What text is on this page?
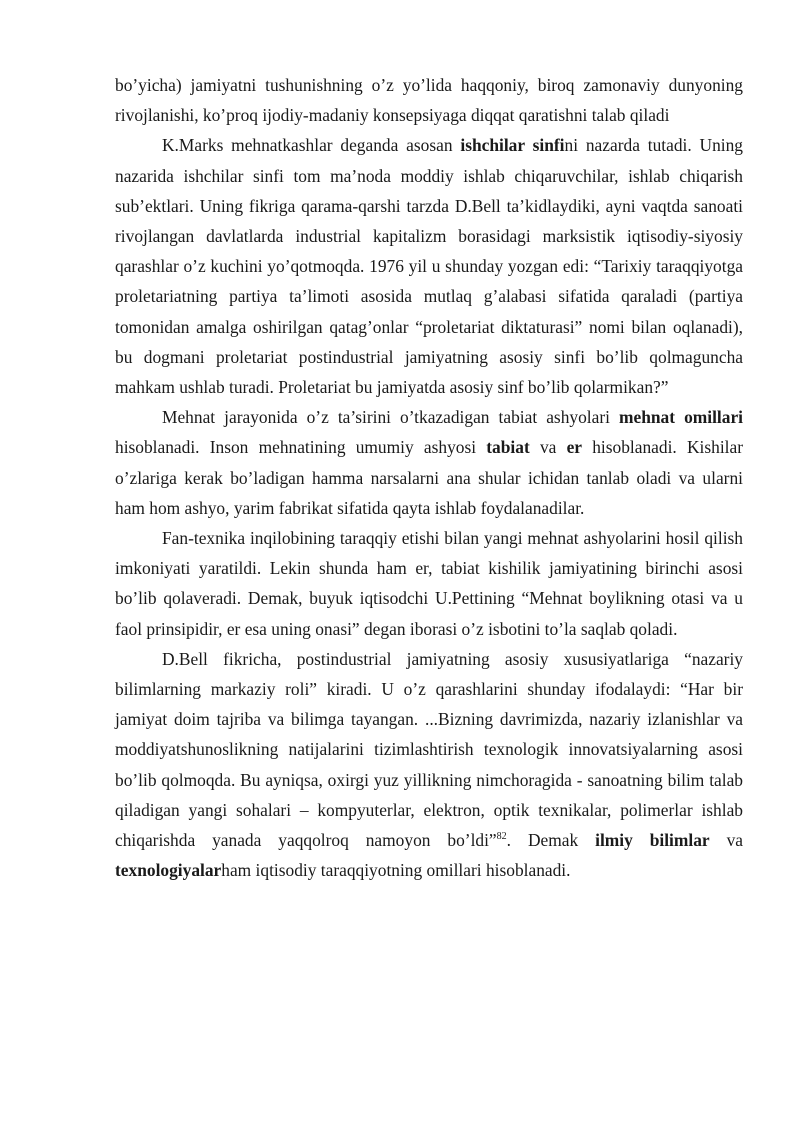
bo’yicha) jamiyatni tushunishning o’z yo’lida haqqoniy, biroq zamonaviy dunyoning rivojlanishi, ko’proq ijodiy-madaniy konsepsiyaga diqqat qaratishni talab qiladi

K.Marks mehnatkashlar deganda asosan ishchilar sinfini nazarda tutadi. Uning nazarida ishchilar sinfi tom ma’noda moddiy ishlab chiqaruvchilar, ishlab chiqarish sub’ektlari. Uning fikriga qarama-qarshi tarzda D.Bell ta’kidlaydiki, ayni vaqtda sanoati rivojlangan davlatlarda industrial kapitalizm borasidagi marksistik iqtisodiy-siyosiy qarashlar o’z kuchini yo’qotmoqda. 1976 yil u shunday yozgan edi: “Tarixiy taraqqiyotga proletariatning partiya ta’limoti asosida mutlaq g’alabasi sifatida qaraladi (partiya tomonidan amalga oshirilgan qatag’onlar “proletariat diktaturasi” nomi bilan oqlanadi), bu dogmani proletariat postindustrial jamiyatning asosiy sinfi bo’lib qolmaguncha mahkam ushlab turadi. Proletariat bu jamiyatda asosiy sinf bo’lib qolarmikan?”

Mehnat jarayonida o’z ta’sirini o’tkazadigan tabiat ashyolari mehnat omillari hisoblanadi. Inson mehnatining umumiy ashyosi tabiat va er hisoblanadi. Kishilar o’zlariga kerak bo’ladigan hamma narsalarni ana shular ichidan tanlab oladi va ularni ham hom ashyo, yarim fabrikat sifatida qayta ishlab foydalanadilar.

Fan-texnika inqilobining taraqqiy etishi bilan yangi mehnat ashyolarini hosil qilish imkoniyati yaratildi. Lekin shunda ham er, tabiat kishilik jamiyatining birinchi asosi bo’lib qolaveradi. Demak, buyuk iqtisodchi U.Pettining “Mehnat boylikning otasi va u faol prinsipidir, er esa uning onasi” degan iborasi o’z isbotini to’la saqlab qoladi.

D.Bell fikricha, postindustrial jamiyatning asosiy xususiyatlariga “nazariy bilimlarning markaziy roli” kiradi. U o’z qarashlarini shunday ifodalaydi: “Har bir jamiyat doim tajriba va bilimga tayangan. ...Bizning davrimizda, nazariy izlanishlar va moddiyatshunoslikning natijalarini tizimlashtirish texnologik innovatsiyalarning asosi bo’lib qolmoqda. Bu ayniqsa, oxirgi yuz yillikning nimchoragida - sanoatning bilim talab qiladigan yangi sohalari – kompyuterlar, elektron, optik texnikalar, polimerlar ishlab chiqarishda yanada yaqqolroq namoyon bo’ldi”$^{82}$. Demak ilmiy bilimlar va texnologiyalarham iqtisodiy taraqqiyotning omillari hisoblanadi.
